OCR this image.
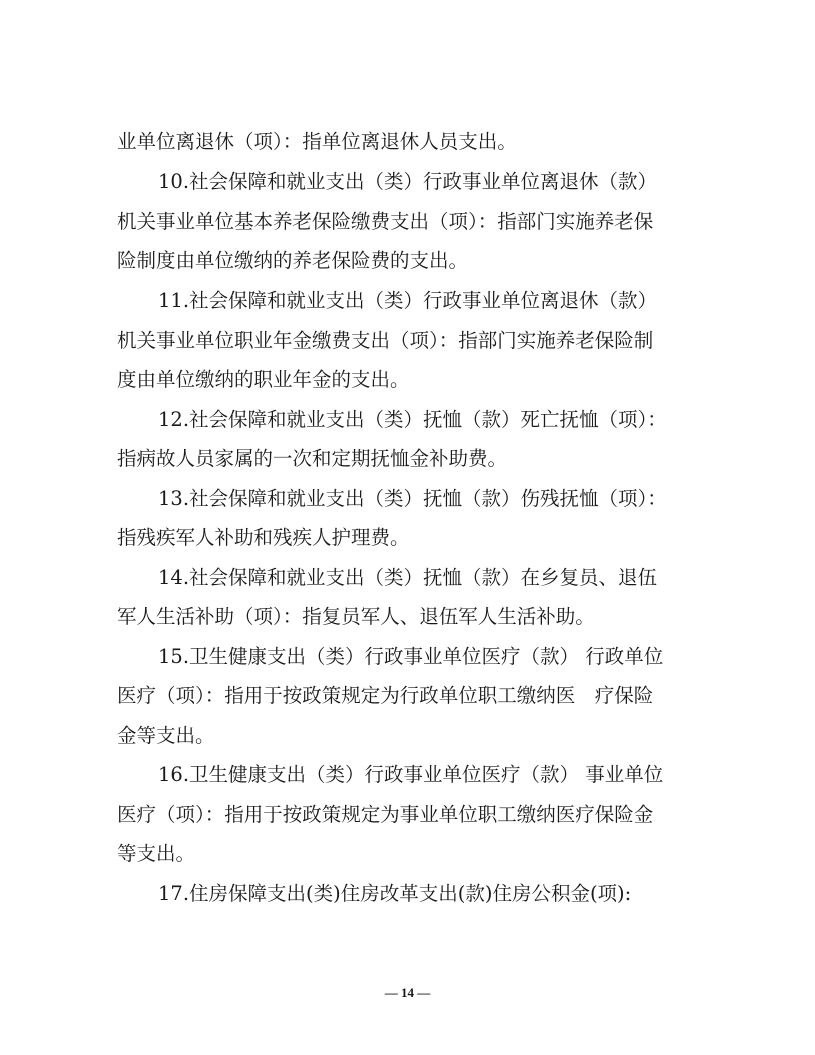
业单位离退休（项）：指单位离退休人员支出。
10.社会保障和就业支出（类）行政事业单位离退休（款）
机关事业单位基本养老保险缴费支出（项）：指部门实施养老保
险制度由单位缴纳的养老保险费的支出。
11.社会保障和就业支出（类）行政事业单位离退休（款）
机关事业单位职业年金缴费支出（项）：指部门实施养老保险制
度由单位缴纳的职业年金的支出。
12.社会保障和就业支出（类）抚恤（款）死亡抚恤（项）：
指病故人员家属的一次和定期抚恤金补助费。
13.社会保障和就业支出（类）抚恤（款）伤残抚恤（项）：
指残疾军人补助和残疾人护理费。
14.社会保障和就业支出（类）抚恤（款）在乡复员、退伍
军人生活补助（项）：指复员军人、退伍军人生活补助。
15.卫生健康支出（类）行政事业单位医疗（款） 行政单位
医疗（项）：指用于按政策规定为行政单位职工缴纳医　疗保险
金等支出。
16.卫生健康支出（类）行政事业单位医疗（款） 事业单位
医疗（项）：指用于按政策规定为事业单位职工缴纳医疗保险金
等支出。
17.住房保障支出(类)住房改革支出(款)住房公积金(项):
— 14 —
